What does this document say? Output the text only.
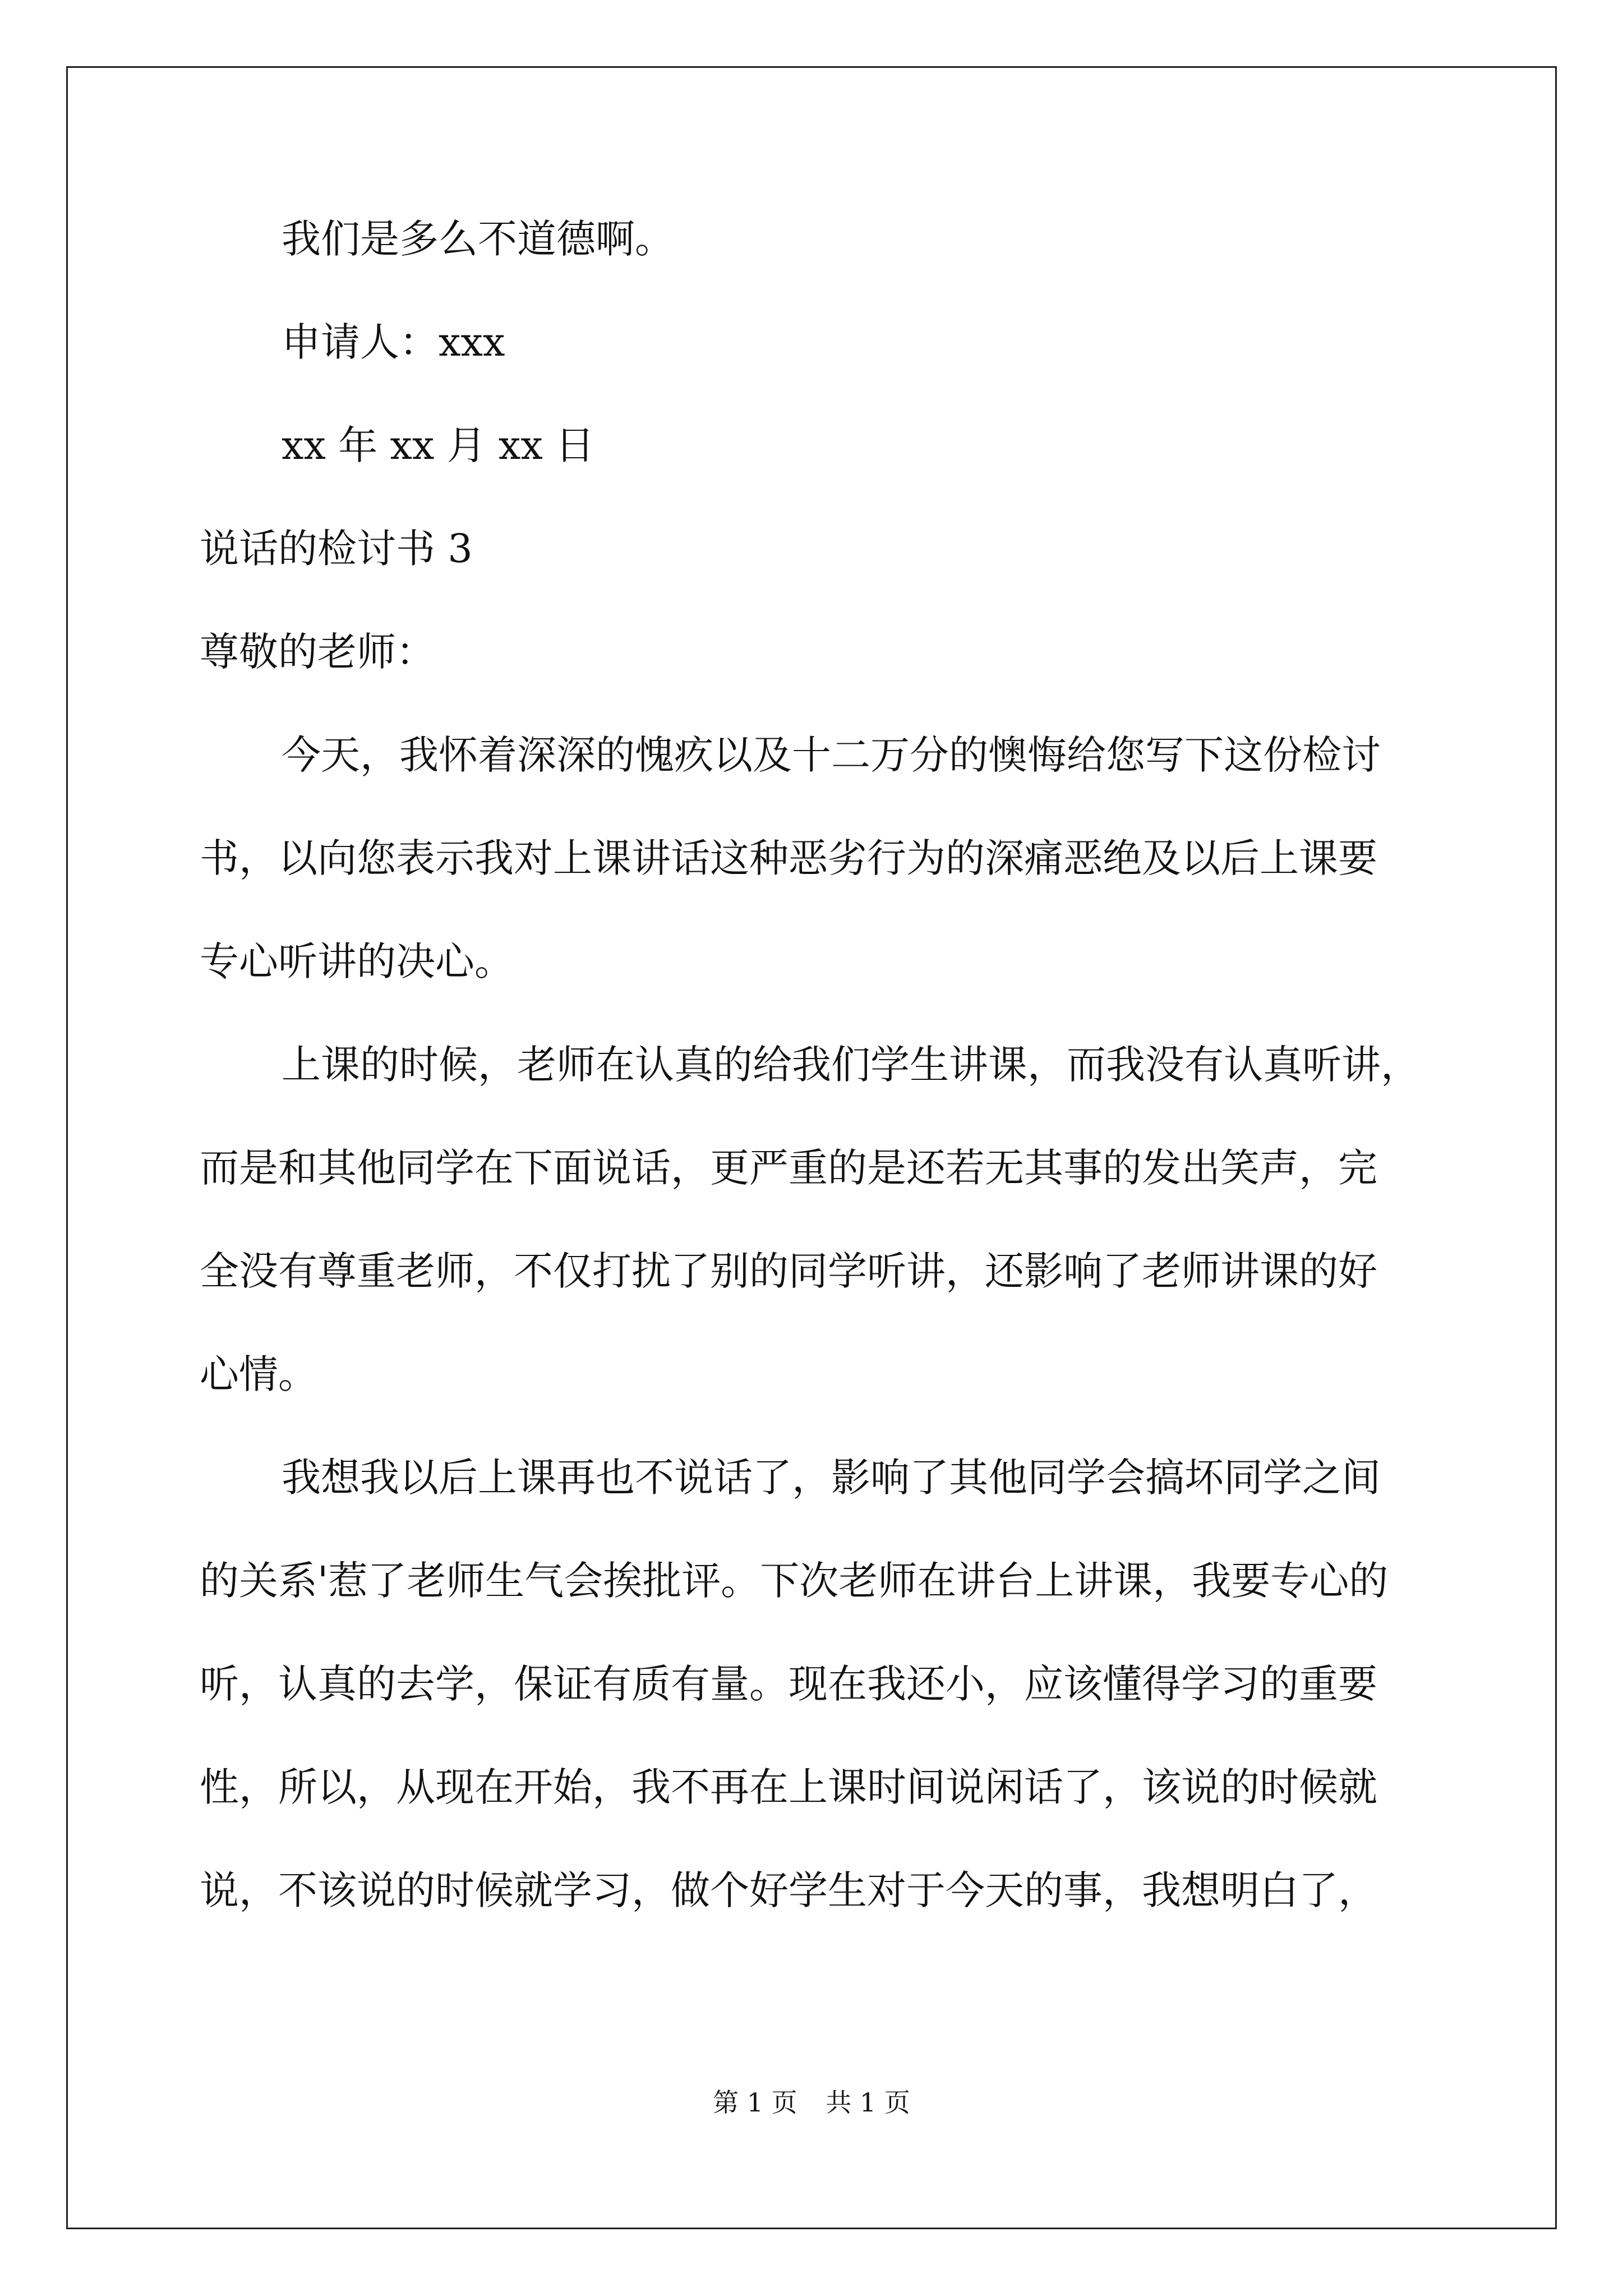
我们是多么不道德啊。
申请人：xxx
xx 年 xx 月 xx 日
说话的检讨书 3
尊敬的老师：
今天，我怀着深深的愧疚以及十二万分的懊悔给您写下这份检讨
书，以向您表示我对上课讲话这种恶劣行为的深痛恶绝及以后上课要
专心听讲的决心。
上课的时候，老师在认真的给我们学生讲课，而我没有认真听讲，
而是和其他同学在下面说话，更严重的是还若无其事的发出笑声，完
全没有尊重老师，不仅打扰了别的同学听讲，还影响了老师讲课的好
心情。
我想我以后上课再也不说话了，影响了其他同学会搞坏同学之间
的关系'惹了老师生气会挨批评。下次老师在讲台上讲课，我要专心的
听，认真的去学，保证有质有量。现在我还小，应该懂得学习的重要
性，所以，从现在开始，我不再在上课时间说闲话了，该说的时候就
说，不该说的时候就学习，做个好学生对于今天的事，我想明白了，
第 1 页 共 1 页
